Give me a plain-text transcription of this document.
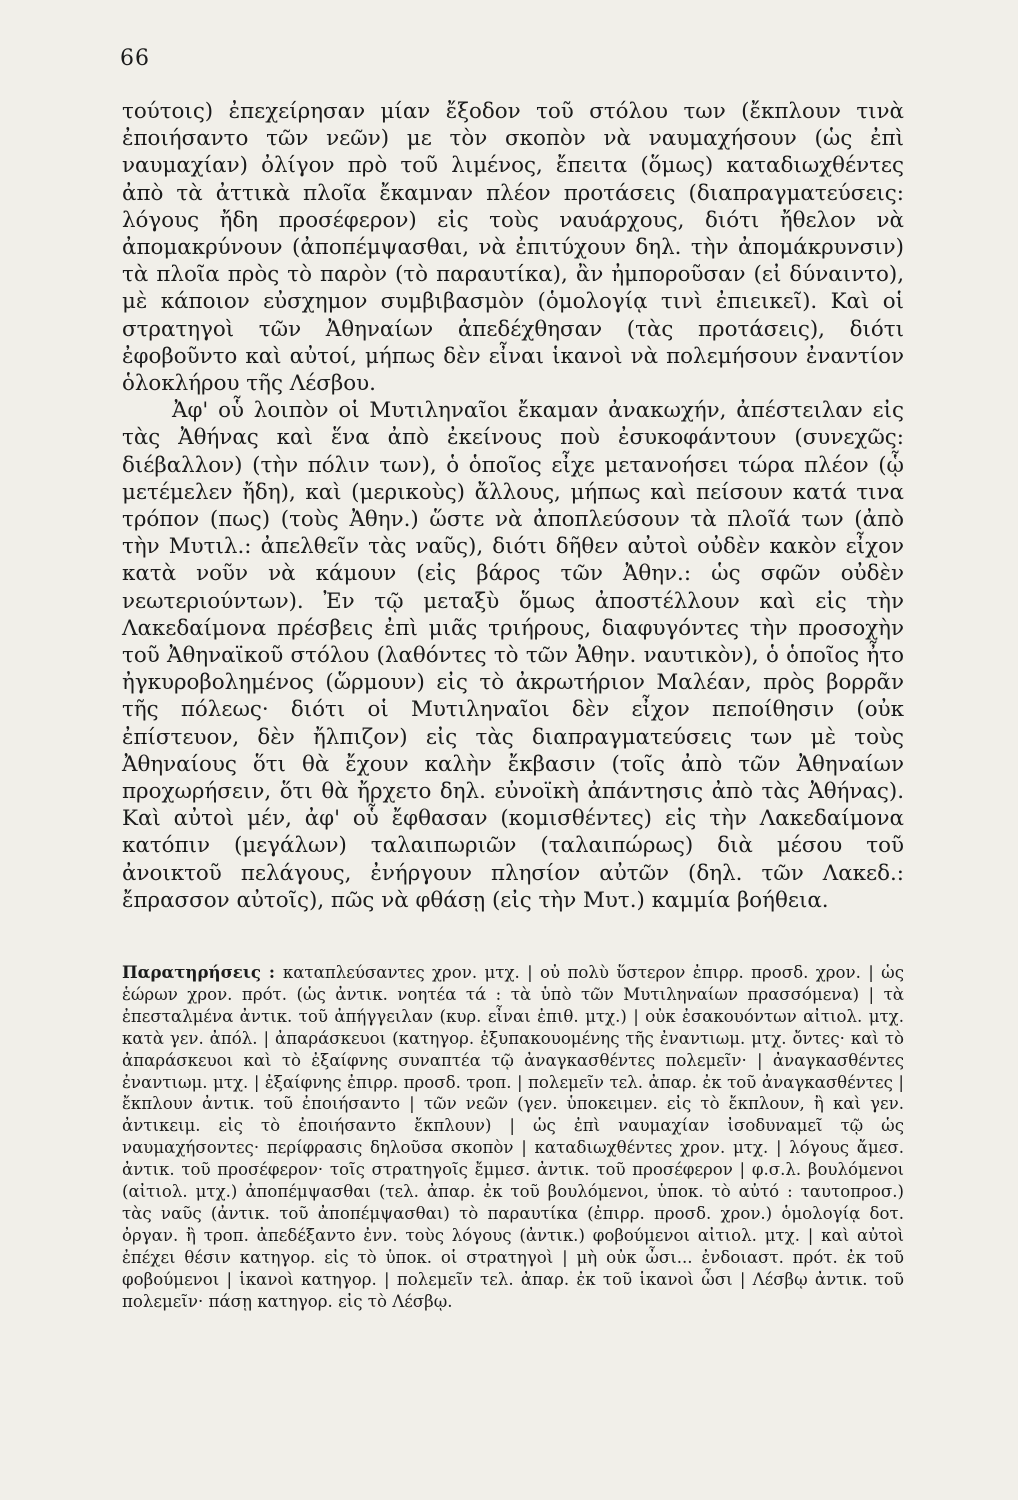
66

τούτοις) ἐπεχείρησαν μίαν ἔξοδον τοῦ στόλου των (ἔκπλουν τινὰ ἐποιήσαντο τῶν νεῶν) με τὸν σκοπὸν νὰ ναυμαχήσουν (ὡς ἐπὶ ναυμαχίαν) ὀλίγον πρὸ τοῦ λιμένος, ἔπειτα (ὅμως) καταδιωχθέντες ἀπὸ τὰ ἀττικὰ πλοῖα ἔκαμναν πλέον προτάσεις (διαπραγματεύσεις: λόγους ἤδη προσέφερον) εἰς τοὺς ναυάρχους, διότι ἤθελον νὰ ἀπομακρύνουν (ἀποπέμψασθαι, νὰ ἐπιτύχουν δηλ. τὴν ἀπομάκρυνσιν) τὰ πλοῖα πρὸς τὸ παρὸν (τὸ παραυτίκα), ἂν ἠμποροῦσαν (εἰ δύναιντο), μὲ κάποιον εὐσχημον συμβιβασμὸν (ὁμολογίᾳ τινὶ ἐπιεικεῖ). Καὶ οἱ στρατηγοὶ τῶν Ἀθηναίων ἀπεδέχθησαν (τὰς προτάσεις), διότι ἐφοβοῦντο καὶ αὐτοί, μήπως δὲν εἶναι ἱκανοὶ νὰ πολεμήσουν ἐναντίον ὁλοκλήρου τῆς Λέσβου.

Ἀφ' οὗ λοιπὸν οἱ Μυτιληναῖοι ἔκαμαν ἀνακωχήν, ἀπέστειλαν εἰς τὰς Ἀθήνας καὶ ἕνα ἀπὸ ἐκείνους ποὺ ἐσυκοφάντουν (συνεχῶς: διέβαλλον) (τὴν πόλιν των), ὁ ὁποῖος εἶχε μετανοήσει τώρα πλέον (ᾧ μετέμελεν ἤδη), καὶ (μερικοὺς) ἄλλους, μήπως καὶ πείσουν κατά τινα τρόπον (πως) (τοὺς Ἀθην.) ὥστε νὰ ἀποπλεύσουν τὰ πλοῖά των (ἀπὸ τὴν Μυτιλ.: ἀπελθεῖν τὰς ναῦς), διότι δῆθεν αὐτοὶ οὐδὲν κακὸν εἶχον κατὰ νοῦν νὰ κάμουν (εἰς βάρος τῶν Ἀθην.: ὡς σφῶν οὐδὲν νεωτεριούντων). Ἐν τῷ μεταξὺ ὅμως ἀποστέλλουν καὶ εἰς τὴν Λακεδαίμονα πρέσβεις ἐπὶ μιᾶς τριήρους, διαφυγόντες τὴν προσοχὴν τοῦ Ἀθηναϊκοῦ στόλου (λαθόντες τὸ τῶν Ἀθην. ναυτικὸν), ὁ ὁποῖος ἦτο ἠγκυροβολημένος (ὥρμουν) εἰς τὸ ἀκρωτήριον Μαλέαν, πρὸς βορρᾶν τῆς πόλεως· διότι οἱ Μυτιληναῖοι δὲν εἶχον πεποίθησιν (οὐκ ἐπίστευον, δὲν ἤλπιζον) εἰς τὰς διαπραγματεύσεις των μὲ τοὺς Ἀθηναίους ὅτι θὰ ἔχουν καλὴν ἔκβασιν (τοῖς ἀπὸ τῶν Ἀθηναίων προχωρήσειν, ὅτι θὰ ἤρχετο δηλ. εὐνοϊκὴ ἀπάντησις ἀπὸ τὰς Ἀθήνας). Καὶ αὐτοὶ μέν, ἀφ' οὗ ἔφθασαν (κομισθέντες) εἰς τὴν Λακεδαίμονα κατόπιν (μεγάλων) ταλαιπωριῶν (ταλαιπώρως) διὰ μέσου τοῦ ἀνοικτοῦ πελάγους, ἐνήργουν πλησίον αὐτῶν (δηλ. τῶν Λακεδ.: ἔπρασσον αὐτοῖς), πῶς νὰ φθάσῃ (εἰς τὴν Μυτ.) καμμία βοήθεια.

Παρατηρήσεις : καταπλεύσαντες χρον. μτχ. | οὐ πολὺ ὕστερον ἐπιρρ. προσδ. χρον. | ὡς ἑώρων χρον. πρότ. (ὡς ἀντικ. νοητέα τά : τὰ ὑπὸ τῶν Μυτιληναίων πρασσόμενα) | τὰ ἐπεσταλμένα ἀντικ. τοῦ ἀπήγγειλαν (κυρ. εἶναι ἐπιθ. μτχ.) | οὐκ ἐσακουόντων αἰτιολ. μτχ. κατὰ γεν. ἀπόλ. | ἀπαράσκευοι (κατηγορ. ἐξυπακουομένης τῆς ἐναντιωμ. μτχ. ὄντες· καὶ τὸ ἀπαράσκευοι καὶ τὸ ἐξαίφνης συναπτέα τῷ ἀναγκασθέντες πολεμεῖν· | ἀναγκασθέντες ἐναντιωμ. μτχ. | ἐξαίφνης ἐπιρρ. προσδ. τροπ. | πολεμεῖν τελ. ἀπαρ. ἐκ τοῦ ἀναγκασθέντες | ἔκπλουν ἀντικ. τοῦ ἐποιήσαντο | τῶν νεῶν (γεν. ὑποκειμεν. εἰς τὸ ἔκπλουν, ἢ καὶ γεν. ἀντικειμ. εἰς τὸ ἐποιήσαντο ἔκπλουν) | ὡς ἐπὶ ναυμαχίαν ἰσοδυναμεῖ τῷ ὡς ναυμαχήσοντες· περίφρασις δηλοῦσα σκοπὸν | καταδιωχθέντες χρον. μτχ. | λόγους ἄμεσ. ἀντικ. τοῦ προσέφερον· τοῖς στρατηγοῖς ἔμμεσ. ἀντικ. τοῦ προσέφερον | φ.σ.λ. βουλόμενοι (αἰτιολ. μτχ.) ἀποπέμψασθαι (τελ. ἀπαρ. ἐκ τοῦ βουλόμενοι, ὑποκ. τὸ αὐτό : ταυτοπροσ.) τὰς ναῦς (ἀντικ. τοῦ ἀποπέμψασθαι) τὸ παραυτίκα (ἐπιρρ. προσδ. χρον.) ὁμολογίᾳ δοτ. ὀργαν. ἢ τροπ. ἀπεδέξαντο ἐνν. τοὺς λόγους (ἀντικ.) φοβούμενοι αἰτιολ. μτχ. | καὶ αὐτοὶ ἐπέχει θέσιν κατηγορ. εἰς τὸ ὑποκ. οἱ στρατηγοὶ | μὴ οὐκ ὦσι... ἐνδοιαστ. πρότ. ἐκ τοῦ φοβούμενοι | ἱκανοὶ κατηγορ. | πολεμεῖν τελ. ἀπαρ. ἐκ τοῦ ἱκανοὶ ὦσι | Λέσβῳ ἀντικ. τοῦ πολεμεῖν· πάσῃ κατηγορ. εἰς τὸ Λέσβῳ.
